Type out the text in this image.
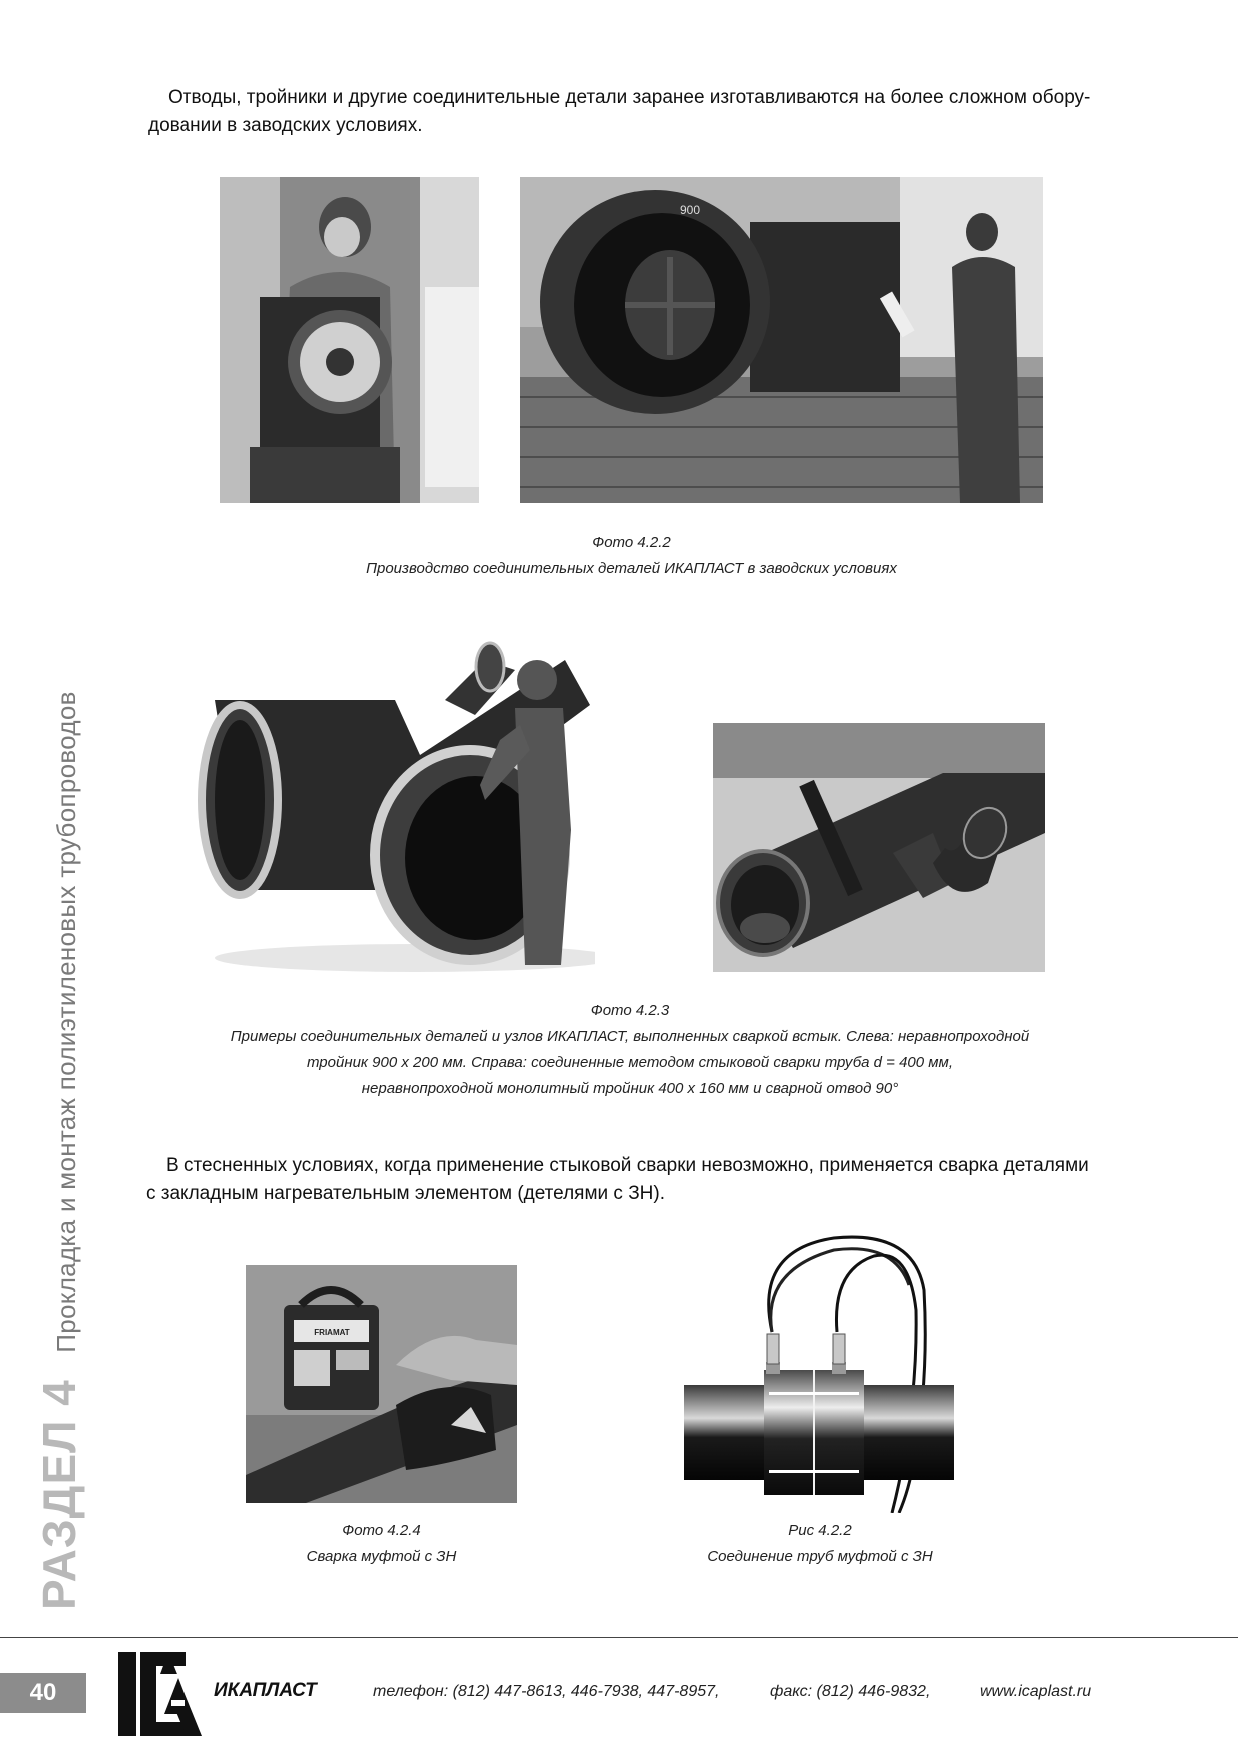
Отводы, тройники и другие соединительные детали заранее изготавливаются на более сложном обору-
довании в заводских условиях.
900
Фото 4.2.2
Производство соединительных деталей ИКАПЛАСТ в заводских условиях
Фото 4.2.3
Примеры соединительных деталей и узлов ИКАПЛАСТ, выполненных сваркой встык. Слева: неравнопроходной
тройник 900 х 200 мм. Справа: соединенные методом стыковой сварки труба d = 400 мм,
неравнопроходной монолитный тройник 400 х 160 мм и сварной отвод 90°
В стесненных условиях, когда применение стыковой сварки невозможно, применяется сварка деталями
с закладным нагревательным элементом (детелями с ЗН).
FRIAMAT
Фото 4.2.4
Сварка муфтой с ЗН
Рис 4.2.2
Соединение труб муфтой с ЗН
РАЗДЕЛ 4 Прокладка и монтаж полиэтиленовых трубопроводов
40	ИКАПЛАСТ	телефон: (812) 447-8613, 446-7938, 447-8957,	факс: (812) 446-9832,	www.icaplast.ru
